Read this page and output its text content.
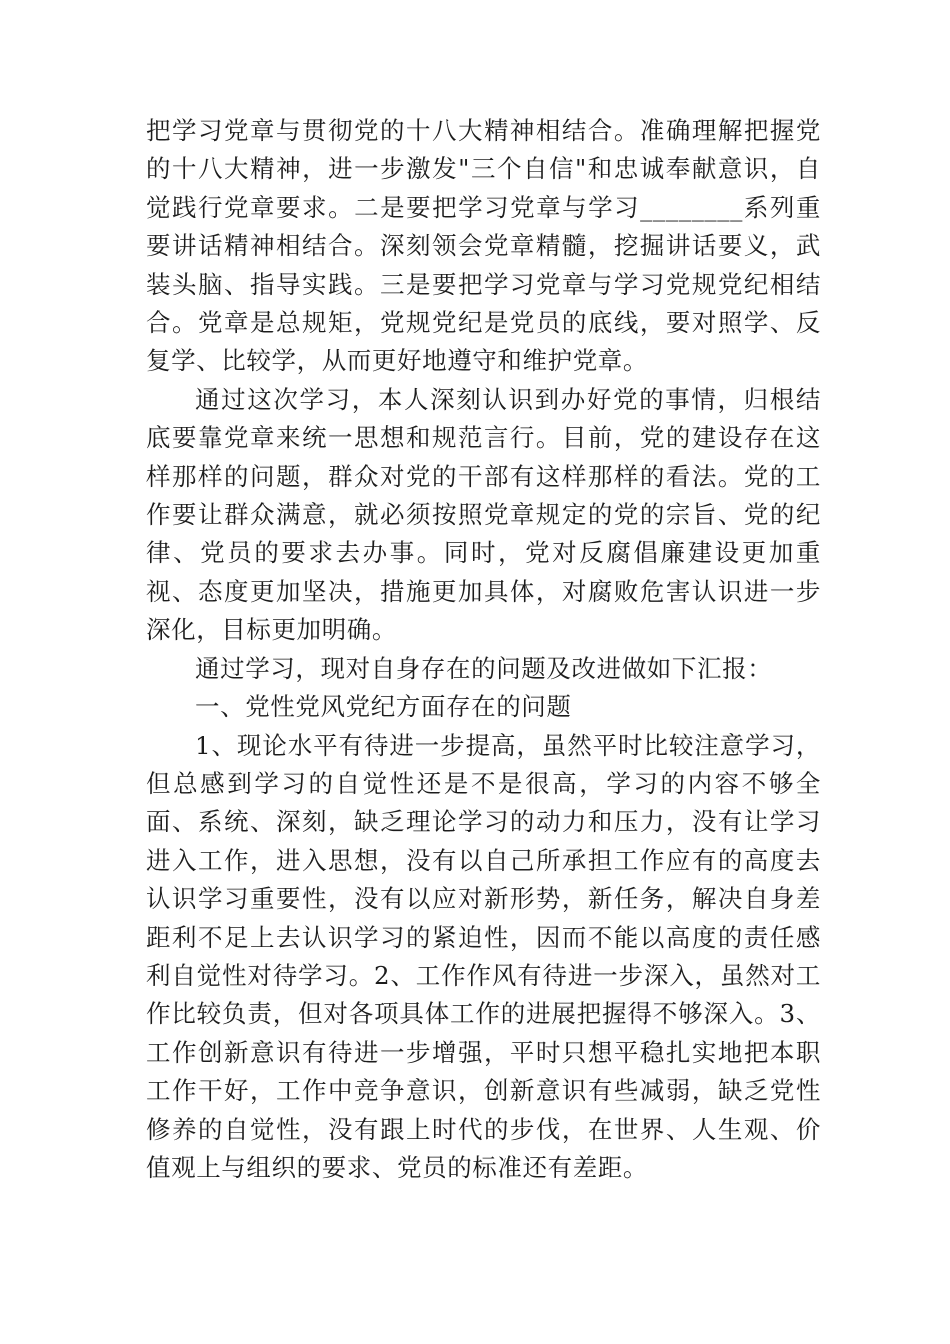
把学习党章与贯彻党的十八大精神相结合。准确理解把握党的十八大精神，进一步激发"三个自信"和忠诚奉献意识，自觉践行党章要求。二是要把学习党章与学习________系列重要讲话精神相结合。深刻领会党章精髓，挖掘讲话要义，武装头脑、指导实践。三是要把学习党章与学习党规党纪相结合。党章是总规矩，党规党纪是党员的底线，要对照学、反复学、比较学，从而更好地遵守和维护党章。

通过这次学习，本人深刻认识到办好党的事情，归根结底要靠党章来统一思想和规范言行。目前，党的建设存在这样那样的问题，群众对党的干部有这样那样的看法。党的工作要让群众满意，就必须按照党章规定的党的宗旨、党的纪律、党员的要求去办事。同时，党对反腐倡廉建设更加重视、态度更加坚决，措施更加具体，对腐败危害认识进一步深化，目标更加明确。

通过学习，现对自身存在的问题及改进做如下汇报：

一、党性党风党纪方面存在的问题

1、现论水平有待进一步提高，虽然平时比较注意学习，但总感到学习的自觉性还是不是很高，学习的内容不够全面、系统、深刻，缺乏理论学习的动力和压力，没有让学习进入工作，进入思想，没有以自己所承担工作应有的高度去认识学习重要性，没有以应对新形势，新任务，解决自身差距利不足上去认识学习的紧迫性，因而不能以高度的责任感利自觉性对待学习。2、工作作风有待进一步深入，虽然对工作比较负责，但对各项具体工作的进展把握得不够深入。3、工作创新意识有待进一步增强，平时只想平稳扎实地把本职工作干好，工作中竞争意识，创新意识有些减弱，缺乏党性修养的自觉性，没有跟上时代的步伐，在世界、人生观、价值观上与组织的要求、党员的标准还有差距。
